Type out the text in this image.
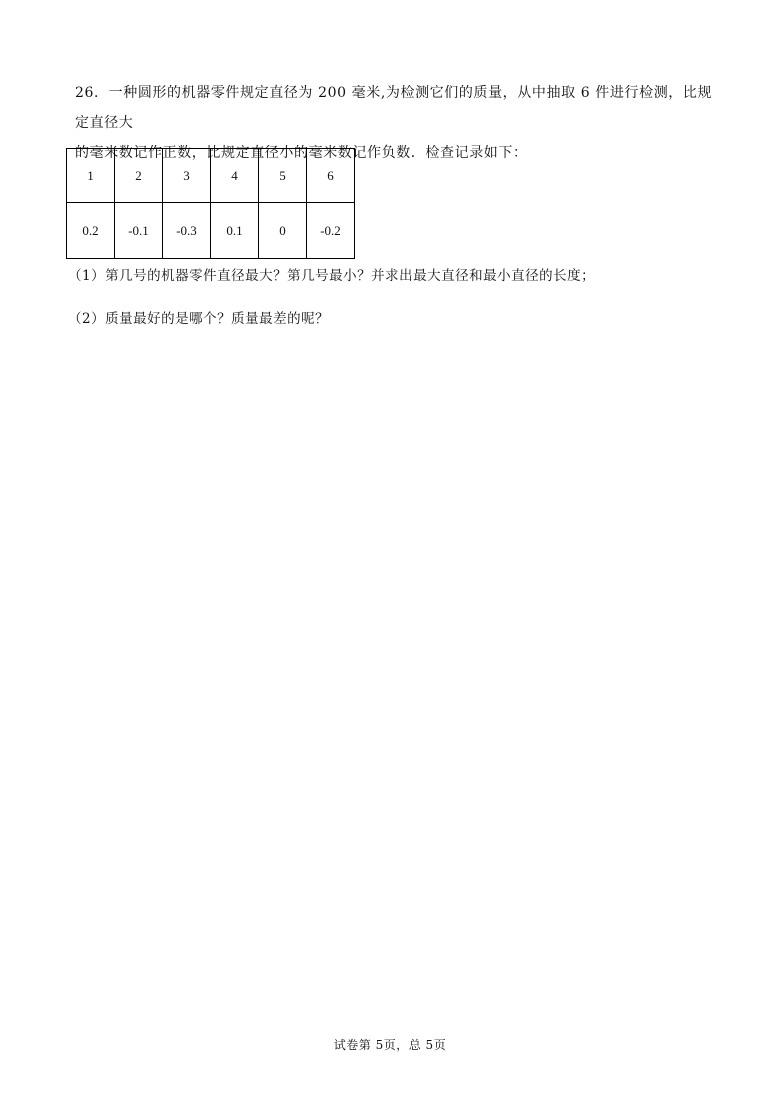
26．一种圆形的机器零件规定直径为 200 毫米,为检测它们的质量，从中抽取 6 件进行检测，比规定直径大

的毫米数记作正数，比规定直径小的毫米数记作负数．检查记录如下：

1	2	3	4	5	6
0.2	-0.1	-0.3	0.1	0	-0.2
（1）第几号的机器零件直径最大？第几号最小？并求出最大直径和最小直径的长度；
（2）质量最好的是哪个？质量最差的呢？
试卷第 5页，总 5页
